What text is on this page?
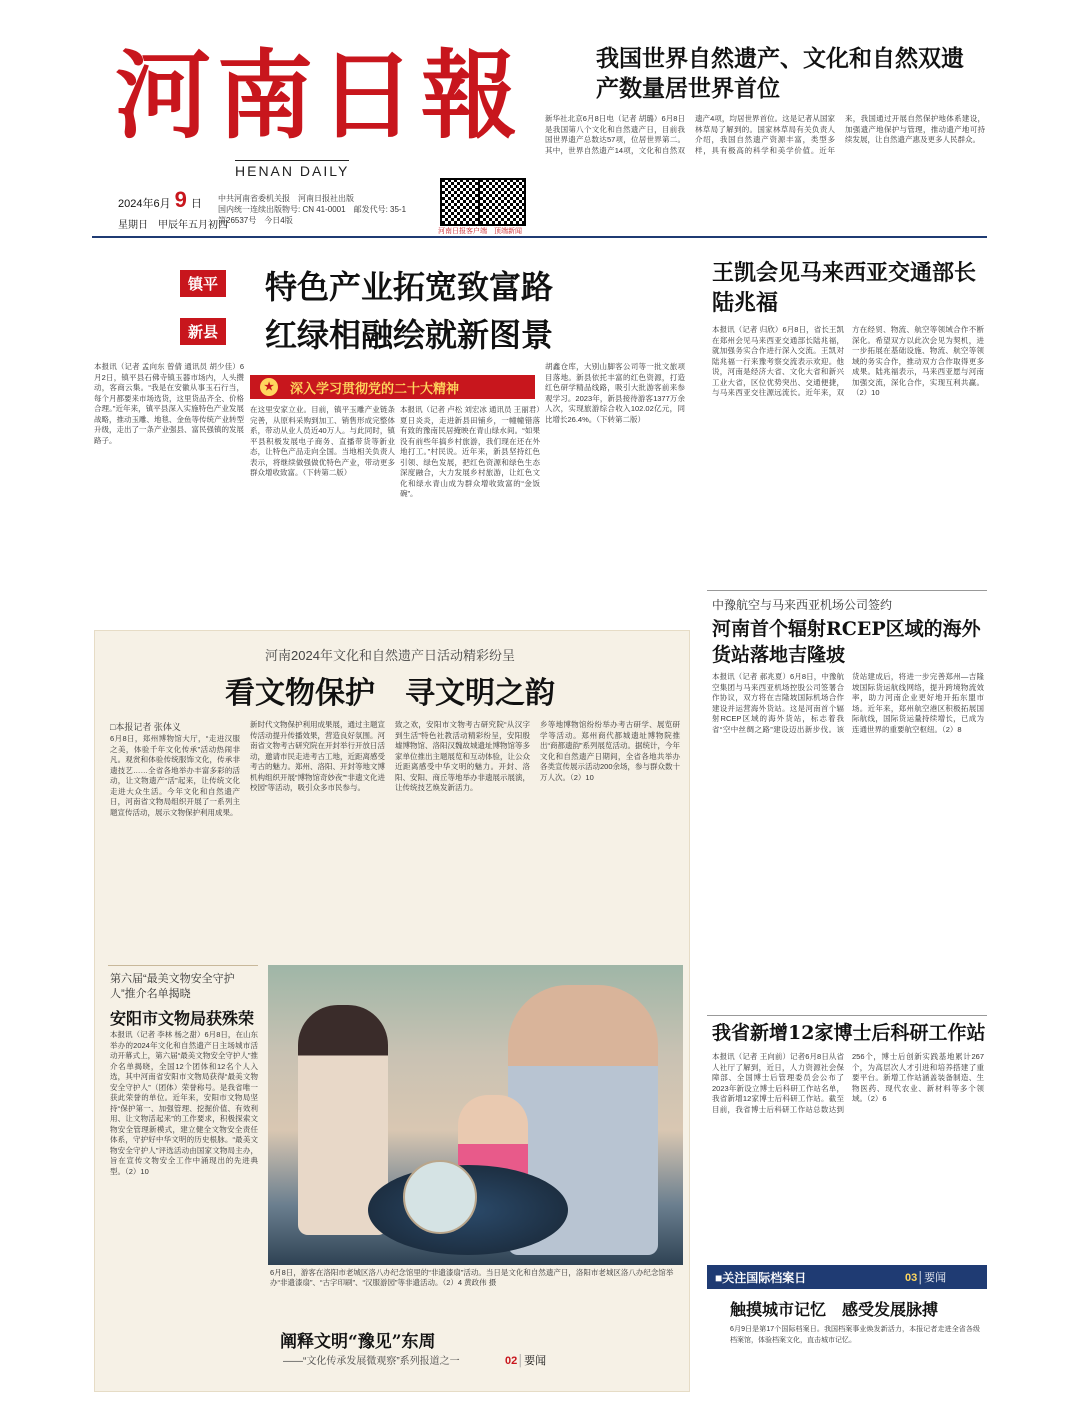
河南日報
HENAN DAILY
2024年6月 9 日
星期日　甲辰年五月初四
中共河南省委机关报　河南日报社出版
国内统一连续出版物号: CN 41-0001　邮发代号: 35-1
第26537号　今日4版
河南日报客户端　 顶端新闻
我国世界自然遗产、文化和自然双遗产数量居世界首位
新华社北京6月8日电（记者 胡璐）6月8日是我国第八个文化和自然遗产日，目前我国世界遗产总数达57项，位居世界第二。其中，世界自然遗产14项，文化和自然双遗产4项，均居世界首位。这是记者从国家林草局了解到的。国家林草局有关负责人介绍，我国自然遗产资源丰富，类型多样，具有极高的科学和美学价值。近年来，我国通过开展自然保护地体系建设，加强遗产地保护与管理，推动遗产地可持续发展，让自然遗产惠及更多人民群众。
镇平
新县
特色产业拓宽致富路
红绿相融绘就新图景
★	深入学习贯彻党的二十大精神
本报讯（记者 孟向东 曾倩 通讯员 胡少佳）6月2日，镇平县石佛寺镇玉器市场内，人头攒动，客商云集。“我是在安徽从事玉石行当，每个月都要来市场选货，这里货品齐全、价格合理。”近年来，镇平县深入实施特色产业发展战略，推动玉雕、地毯、金鱼等传统产业转型升级，走出了一条产业强县、富民强镇的发展路子。
在这里安家立业。目前，镇平玉雕产业链条完善，从原料采购到加工、销售形成完整体系，带动从业人员近40万人。与此同时，镇平县积极发展电子商务、直播带货等新业态，让特色产品走向全国。当地相关负责人表示，将继续做强做优特色产业，带动更多群众增收致富。（下转第二版）
本报讯（记者 卢松 刘宏冰 通讯员 王丽君）夏日炎炎，走进新县田铺乡，一幢幢错落有致的豫南民居掩映在青山绿水间。“如果没有前些年搞乡村旅游，我们现在还在外地打工。”村民说。近年来，新县坚持红色引领、绿色发展，把红色资源和绿色生态深度融合，大力发展乡村旅游，让红色文化和绿水青山成为群众增收致富的“金饭碗”。
胡鑫仓库，大别山脚客公司等一批文旅项目落地。新县依托丰富的红色资源，打造红色研学精品线路，吸引大批游客前来参观学习。2023年，新县接待游客1377万余人次，实现旅游综合收入102.02亿元，同比增长26.4%。（下转第二版）
王凯会见马来西亚交通部长陆兆福
本报讯（记者 归欣）6月8日，省长王凯在郑州会见马来西亚交通部长陆兆福，就加强务实合作进行深入交流。王凯对陆兆福一行来豫考察交流表示欢迎。他说，河南是经济大省、文化大省和新兴工业大省，区位优势突出、交通便捷，与马来西亚交往源远流长。近年来，双方在经贸、物流、航空等领域合作不断深化。希望双方以此次会见为契机，进一步拓展在基础设施、物流、航空等领域的务实合作，推动双方合作取得更多成果。陆兆福表示，马来西亚愿与河南加强交流，深化合作，实现互利共赢。（2）10
中豫航空与马来西亚机场公司签约
河南首个辐射RCEP区域的海外货站落地吉隆坡
本报讯（记者 郝兆夏）6月8日，中豫航空集团与马来西亚机场控股公司签署合作协议，双方将在吉隆坡国际机场合作建设并运营海外货站。这是河南首个辐射RCEP区域的海外货站，标志着我省“空中丝绸之路”建设迈出新步伐。该货站建成后，将进一步完善郑州—吉隆坡国际货运航线网络，提升跨境物流效率，助力河南企业更好地开拓东盟市场。近年来，郑州航空港区积极拓展国际航线，国际货运量持续增长，已成为连通世界的重要航空枢纽。（2）8
我省新增12家博士后科研工作站
本报讯（记者 王向前）记者6月8日从省人社厅了解到，近日，人力资源社会保障部、全国博士后管理委员会公布了2023年新设立博士后科研工作站名单，我省新增12家博士后科研工作站。截至目前，我省博士后科研工作站总数达到256个，博士后创新实践基地累计267个，为高层次人才引进和培养搭建了重要平台。新增工作站涵盖装备制造、生物医药、现代农业、新材料等多个领域。（2）6
河南2024年文化和自然遗产日活动精彩纷呈
看文物保护　寻文明之韵
□本报记者 张体义
6月8日，郑州博物馆大厅，“走进汉服之美，体验千年文化传承”活动热闹非凡。观赏和体验传统服饰文化，传承非遗技艺……全省各地举办丰富多彩的活动，让文物遗产“活”起来，让传统文化走进大众生活。今年文化和自然遗产日，河南省文物局组织开展了一系列主题宣传活动，展示文物保护利用成果。
新时代文物保护利用成果展，通过主题宣传活动提升传播效果，营造良好氛围。河南省文物考古研究院在开封举行开放日活动，邀请市民走进考古工地，近距离感受考古的魅力。郑州、洛阳、开封等地文博机构组织开展“博物馆奇妙夜”“非遗文化进校园”等活动，吸引众多市民参与。
致之欢，安阳市文物考古研究院“从汉字到生活”特色社教活动精彩纷呈，安阳殷墟博物馆、洛阳汉魏故城遗址博物馆等多家单位推出主题展览和互动体验，让公众近距离感受中华文明的魅力。开封、洛阳、安阳、商丘等地举办非遗展示展演，让传统技艺焕发新活力。
乡等地博物馆纷纷举办考古研学、展览研学等活动。郑州商代都城遗址博物院推出“商都遗韵”系列展览活动。据统计，今年文化和自然遗产日期间，全省各地共举办各类宣传展示活动200余场，参与群众数十万人次。（2）10
第六届“最美文物安全守护人”推介名单揭晓
安阳市文物局获殊荣
本报讯（记者 李林 杨之甜）6月8日，在山东举办的2024年文化和自然遗产日主场城市活动开幕式上，第六届“最美文物安全守护人”推介名单揭晓，全国12个团体和12名个人入选，其中河南省安阳市文物局获得“最美文物安全守护人”（团体）荣誉称号。是我省唯一获此荣誉的单位。近年来，安阳市文物局坚持“保护第一、加强管理、挖掘价值、有效利用、让文物活起来”的工作要求，积极探索文物安全管理新模式，建立健全文物安全责任体系，守护好中华文明的历史根脉。“最美文物安全守护人”评选活动由国家文物局主办，旨在宣传文物安全工作中涌现出的先进典型。（2）10
6月8日，游客在洛阳市老城区洛八办纪念馆里的“非遗漆扇”活动。当日是文化和自然遗产日，洛阳市老城区洛八办纪念馆举办“非遗漆扇”、“古字印刷”、“汉服游园”等非遗活动。（2）4 黄政伟 摄
阐释文明“豫见”东周
——“文化传承发展微观察”系列报道之一	02│要闻
■关注国际档案日	03│要闻
触摸城市记忆　感受发展脉搏
6月9日是第17个国际档案日。我国档案事业焕发新活力，本报记者走进全省各级档案馆，体验档案文化，直击城市记忆。
